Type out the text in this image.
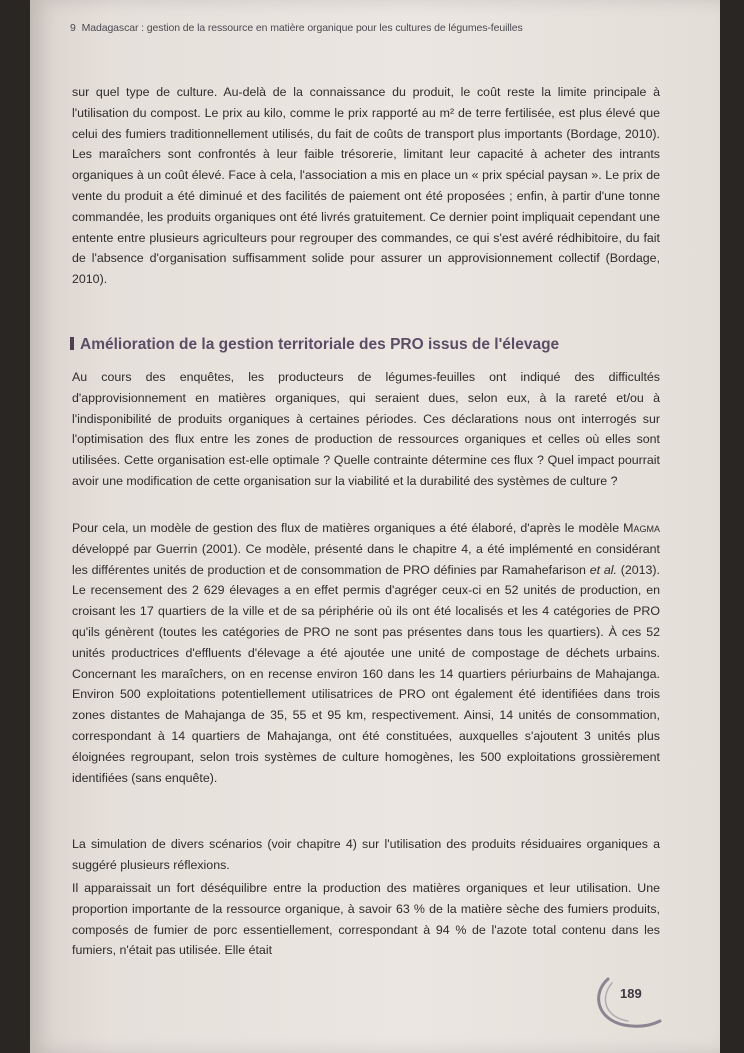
9 Madagascar : gestion de la ressource en matière organique pour les cultures de légumes-feuilles

sur quel type de culture. Au-delà de la connaissance du produit, le coût reste la limite principale à l'utilisation du compost. Le prix au kilo, comme le prix rapporté au m² de terre fertilisée, est plus élevé que celui des fumiers traditionnellement utilisés, du fait de coûts de transport plus importants (Bordage, 2010). Les maraîchers sont confrontés à leur faible trésorerie, limitant leur capacité à acheter des intrants organiques à un coût élevé. Face à cela, l'association a mis en place un « prix spécial paysan ». Le prix de vente du produit a été diminué et des facilités de paiement ont été proposées ; enfin, à partir d'une tonne commandée, les produits organiques ont été livrés gratuitement. Ce dernier point impliquait cependant une entente entre plusieurs agriculteurs pour regrouper des commandes, ce qui s'est avéré rédhibitoire, du fait de l'absence d'organisation suffisamment solide pour assurer un approvisionnement collectif (Bordage, 2010).

Amélioration de la gestion territoriale des PRO issus de l'élevage

Au cours des enquêtes, les producteurs de légumes-feuilles ont indiqué des difficultés d'approvisionnement en matières organiques, qui seraient dues, selon eux, à la rareté et/ou à l'indisponibilité de produits organiques à certaines périodes. Ces déclarations nous ont interrogés sur l'optimisation des flux entre les zones de production de ressources organiques et celles où elles sont utilisées. Cette organisation est-elle optimale ? Quelle contrainte détermine ces flux ? Quel impact pourrait avoir une modification de cette organisation sur la viabilité et la durabilité des systèmes de culture ?

Pour cela, un modèle de gestion des flux de matières organiques a été élaboré, d'après le modèle Magma développé par Guerrin (2001). Ce modèle, présenté dans le chapitre 4, a été implémenté en considérant les différentes unités de production et de consommation de PRO définies par Ramahefarison et al. (2013). Le recensement des 2 629 élevages a en effet permis d'agréger ceux-ci en 52 unités de production, en croisant les 17 quartiers de la ville et de sa périphérie où ils ont été localisés et les 4 catégories de PRO qu'ils génèrent (toutes les catégories de PRO ne sont pas présentes dans tous les quartiers). À ces 52 unités productrices d'effluents d'élevage a été ajoutée une unité de compostage de déchets urbains. Concernant les maraîchers, on en recense environ 160 dans les 14 quartiers périurbains de Mahajanga. Environ 500 exploitations potentiellement utilisatrices de PRO ont également été identifiées dans trois zones distantes de Mahajanga de 35, 55 et 95 km, respectivement. Ainsi, 14 unités de consommation, correspondant à 14 quartiers de Mahajanga, ont été constituées, auxquelles s'ajoutent 3 unités plus éloignées regroupant, selon trois systèmes de culture homogènes, les 500 exploitations grossièrement identifiées (sans enquête).

La simulation de divers scénarios (voir chapitre 4) sur l'utilisation des produits résiduaires organiques a suggéré plusieurs réflexions.

Il apparaissait un fort déséquilibre entre la production des matières organiques et leur utilisation. Une proportion importante de la ressource organique, à savoir 63 % de la matière sèche des fumiers produits, composés de fumier de porc essentiellement, correspondant à 94 % de l'azote total contenu dans les fumiers, n'était pas utilisée. Elle était

189
